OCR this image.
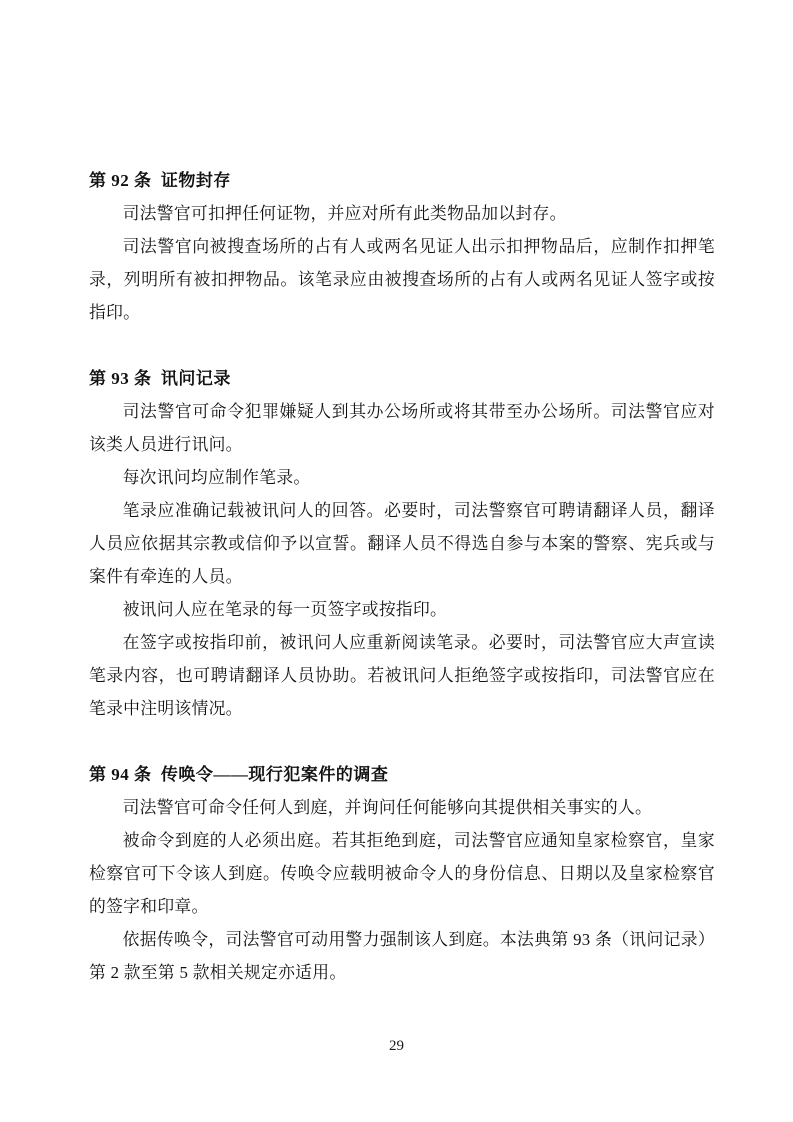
第 92 条 证物封存

司法警官可扣押任何证物，并应对所有此类物品加以封存。

司法警官向被搜查场所的占有人或两名见证人出示扣押物品后，应制作扣押笔录，列明所有被扣押物品。该笔录应由被搜查场所的占有人或两名见证人签字或按指印。

第 93 条 讯问记录

司法警官可命令犯罪嫌疑人到其办公场所或将其带至办公场所。司法警官应对该类人员进行讯问。

每次讯问均应制作笔录。

笔录应准确记载被讯问人的回答。必要时，司法警察官可聘请翻译人员，翻译人员应依据其宗教或信仰予以宣誓。翻译人员不得选自参与本案的警察、宪兵或与案件有牵连的人员。

被讯问人应在笔录的每一页签字或按指印。

在签字或按指印前，被讯问人应重新阅读笔录。必要时，司法警官应大声宣读笔录内容，也可聘请翻译人员协助。若被讯问人拒绝签字或按指印，司法警官应在笔录中注明该情况。

第 94 条 传唤令——现行犯案件的调查

司法警官可命令任何人到庭，并询问任何能够向其提供相关事实的人。

被命令到庭的人必须出庭。若其拒绝到庭，司法警官应通知皇家检察官，皇家检察官可下令该人到庭。传唤令应载明被命令人的身份信息、日期以及皇家检察官的签字和印章。

依据传唤令，司法警官可动用警力强制该人到庭。本法典第 93 条（讯问记录）第 2 款至第 5 款相关规定亦适用。

29
